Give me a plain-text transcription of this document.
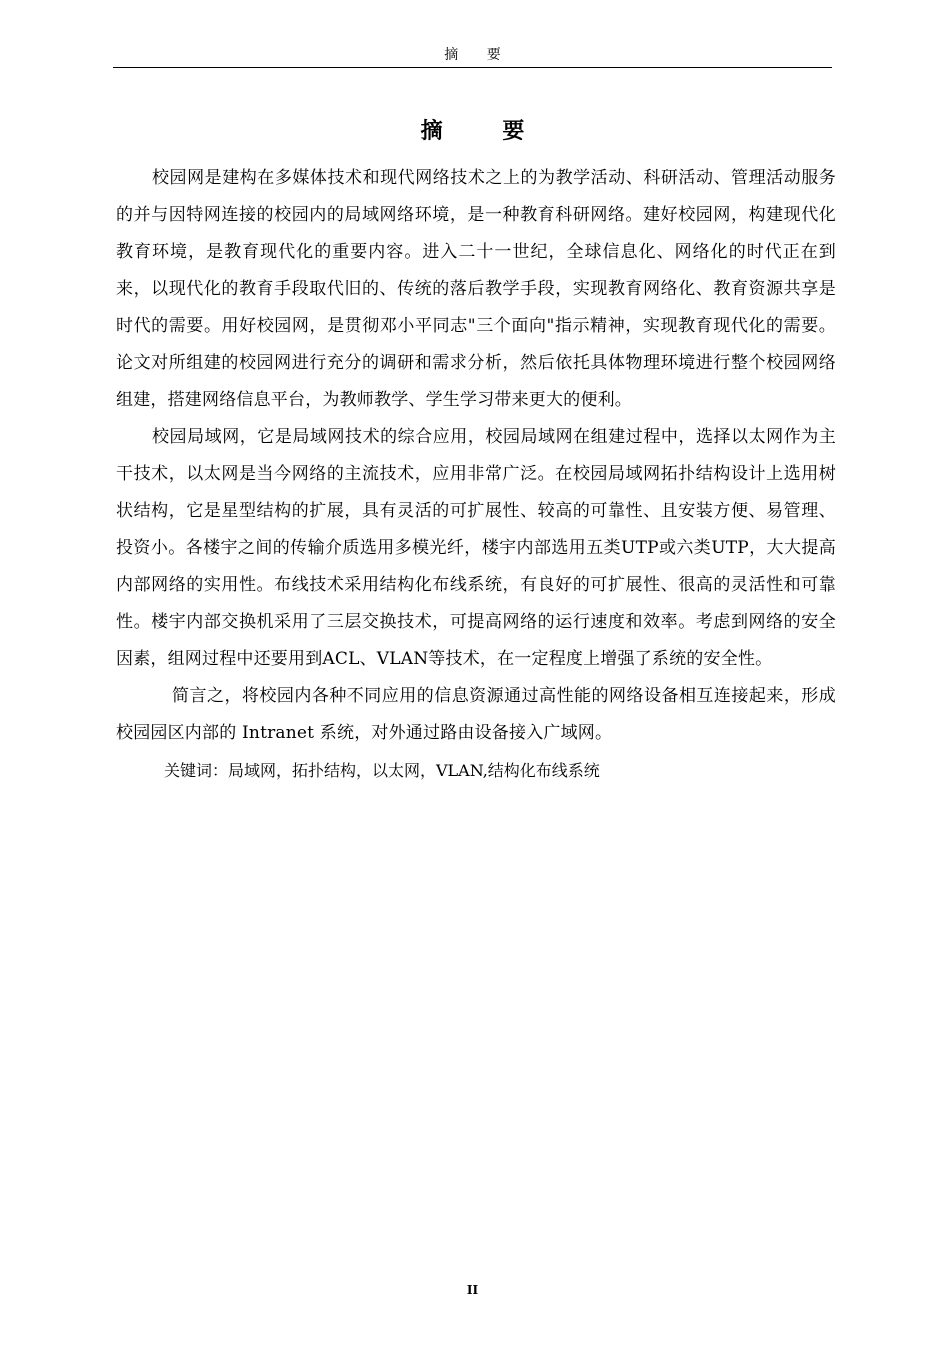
摘 要
摘 要

校园网是建构在多媒体技术和现代网络技术之上的为教学活动、科研活动、管理活动服务的并与因特网连接的校园内的局域网络环境，是一种教育科研网络。建好校园网，构建现代化教育环境，是教育现代化的重要内容。进入二十一世纪，全球信息化、网络化的时代正在到来，以现代化的教育手段取代旧的、传统的落后教学手段，实现教育网络化、教育资源共享是时代的需要。用好校园网，是贯彻邓小平同志"三个面向"指示精神，实现教育现代化的需要。论文对所组建的校园网进行充分的调研和需求分析，然后依托具体物理环境进行整个校园网络组建，搭建网络信息平台，为教师教学、学生学习带来更大的便利。

校园局域网，它是局域网技术的综合应用，校园局域网在组建过程中，选择以太网作为主干技术，以太网是当今网络的主流技术，应用非常广泛。在校园局域网拓扑结构设计上选用树状结构，它是星型结构的扩展，具有灵活的可扩展性、较高的可靠性、且安装方便、易管理、投资小。各楼宇之间的传输介质选用多模光纤，楼宇内部选用五类UTP或六类UTP，大大提高内部网络的实用性。布线技术采用结构化布线系统，有良好的可扩展性、很高的灵活性和可靠性。楼宇内部交换机采用了三层交换技术，可提高网络的运行速度和效率。考虑到网络的安全因素，组网过程中还要用到ACL、VLAN等技术，在一定程度上增强了系统的安全性。

简言之，将校园内各种不同应用的信息资源通过高性能的网络设备相互连接起来，形成校园园区内部的 Intranet 系统，对外通过路由设备接入广域网。

关键词：局域网，拓扑结构，以太网，VLAN,结构化布线系统

II
